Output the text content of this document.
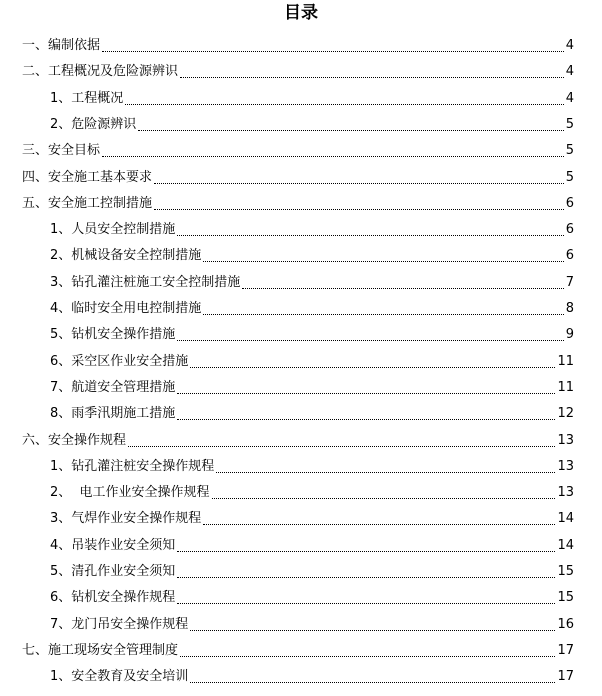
目录
一、编制依据	4
二、工程概况及危险源辨识	4
1、工程概况	4
2、危险源辨识	5
三、安全目标	5
四、安全施工基本要求	5
五、安全施工控制措施	6
1、人员安全控制措施	6
2、机械设备安全控制措施	6
3、钻孔灌注桩施工安全控制措施	7
4、临时安全用电控制措施	8
5、钻机安全操作措施	9
6、采空区作业安全措施	11
7、航道安全管理措施	11
8、雨季汛期施工措施	12
六、安全操作规程	13
1、钻孔灌注桩安全操作规程	13
2、  电工作业安全操作规程	13
3、气焊作业安全操作规程	14
4、吊装作业安全须知	14
5、清孔作业安全须知	15
6、钻机安全操作规程	15
7、龙门吊安全操作规程	16
七、施工现场安全管理制度	17
1、安全教育及安全培训	17
